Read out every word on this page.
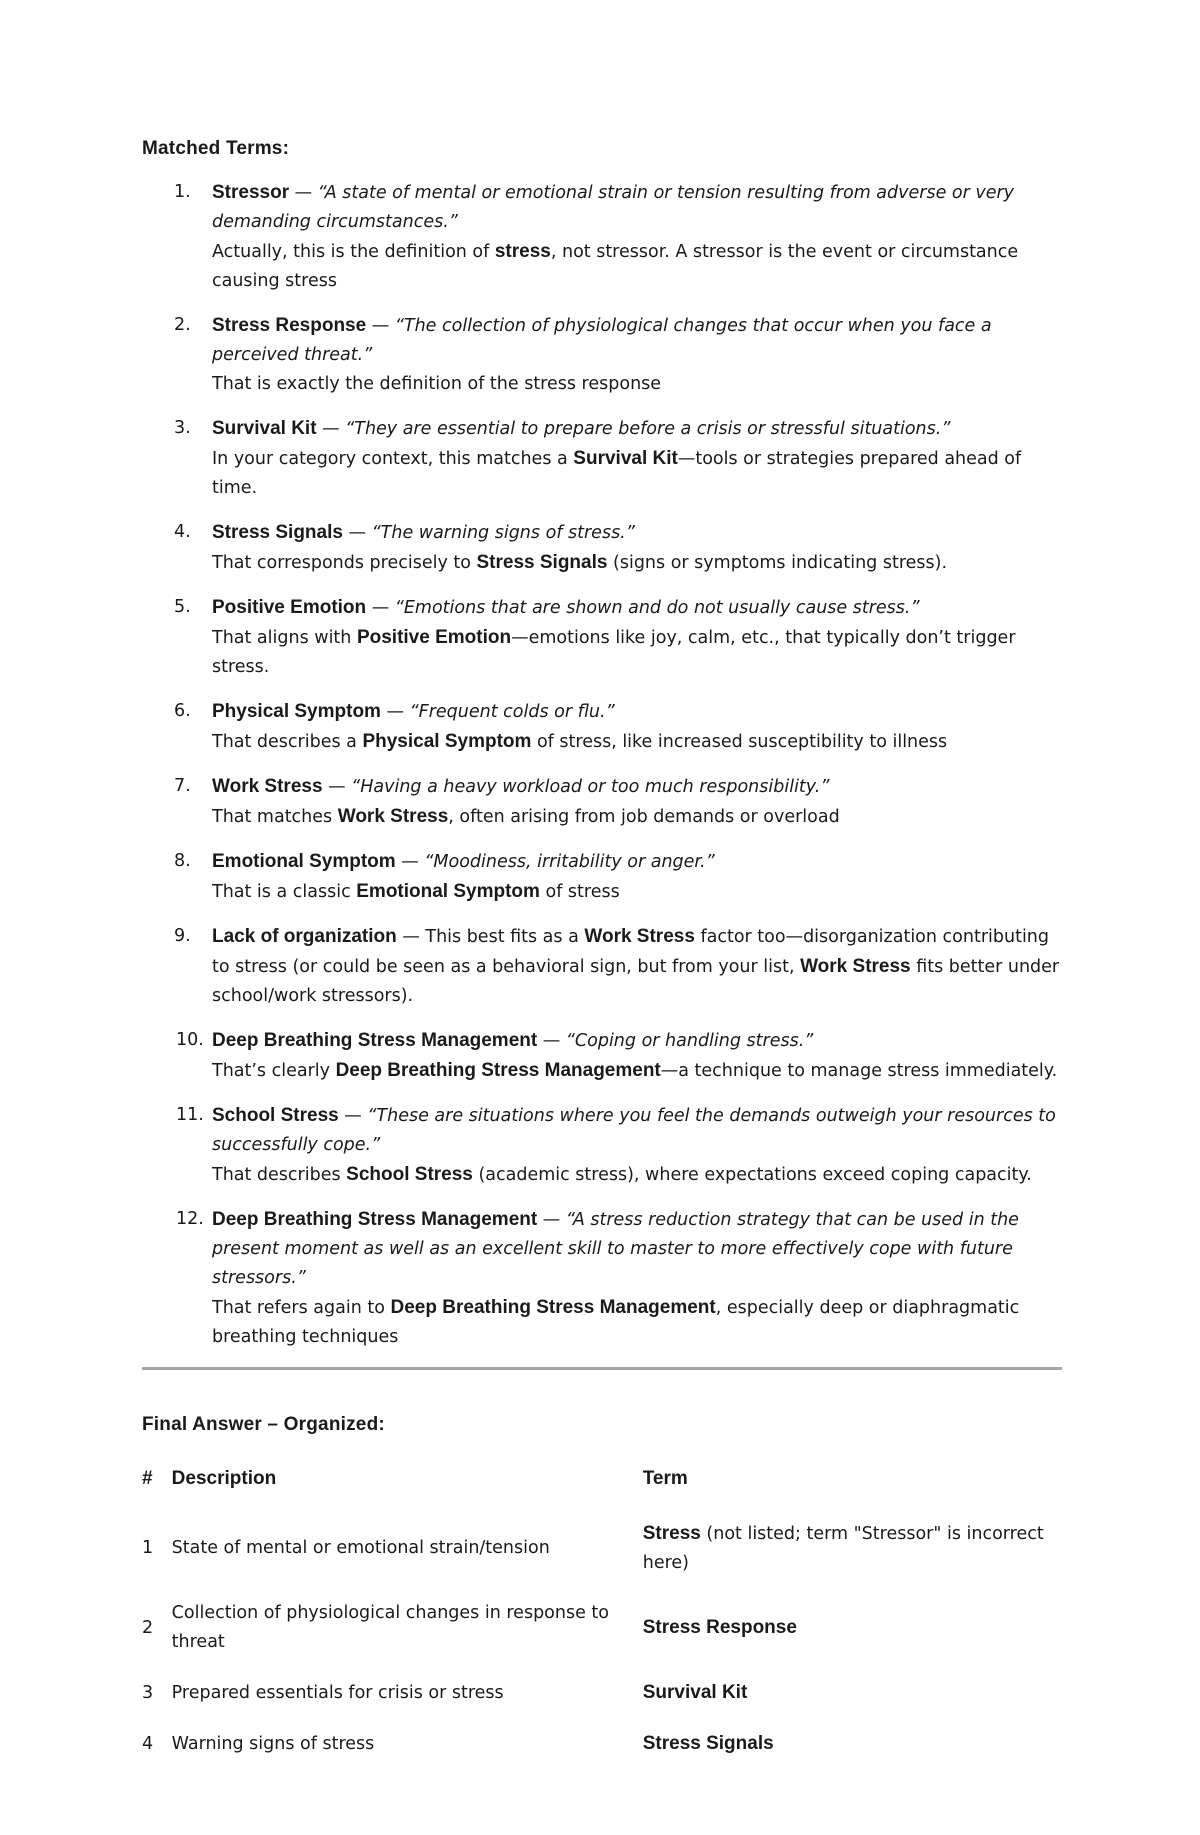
Matched Terms:
1.	Stressor — “A state of mental or emotional strain or tension resulting from adverse or very demanding circumstances.”
Actually, this is the definition of stress, not stressor. A stressor is the event or circumstance causing stress
2.	Stress Response — “The collection of physiological changes that occur when you face a perceived threat.”
That is exactly the definition of the stress response
3.	Survival Kit — “They are essential to prepare before a crisis or stressful situations.”
In your category context, this matches a Survival Kit—tools or strategies prepared ahead of time.
4.	Stress Signals — “The warning signs of stress.”
That corresponds precisely to Stress Signals (signs or symptoms indicating stress).
5.	Positive Emotion — “Emotions that are shown and do not usually cause stress.”
That aligns with Positive Emotion—emotions like joy, calm, etc., that typically don’t trigger stress.
6.	Physical Symptom — “Frequent colds or flu.”
That describes a Physical Symptom of stress, like increased susceptibility to illness
7.	Work Stress — “Having a heavy workload or too much responsibility.”
That matches Work Stress, often arising from job demands or overload
8.	Emotional Symptom — “Moodiness, irritability or anger.”
That is a classic Emotional Symptom of stress
9.	Lack of organization — This best fits as a Work Stress factor too—disorganization contributing to stress (or could be seen as a behavioral sign, but from your list, Work Stress fits better under school/work stressors).
10. Deep Breathing Stress Management — “Coping or handling stress.”
That’s clearly Deep Breathing Stress Management—a technique to manage stress immediately.
11. School Stress — “These are situations where you feel the demands outweigh your resources to successfully cope.”
That describes School Stress (academic stress), where expectations exceed coping capacity.
12. Deep Breathing Stress Management — “A stress reduction strategy that can be used in the present moment as well as an excellent skill to master to more effectively cope with future stressors.”
That refers again to Deep Breathing Stress Management, especially deep or diaphragmatic breathing techniques
Final Answer – Organized:
#	Description	Term
1	State of mental or emotional strain/tension	Stress (not listed; term "Stressor" is incorrect here)
2	Collection of physiological changes in response to threat	Stress Response
3	Prepared essentials for crisis or stress	Survival Kit
4	Warning signs of stress	Stress Signals
